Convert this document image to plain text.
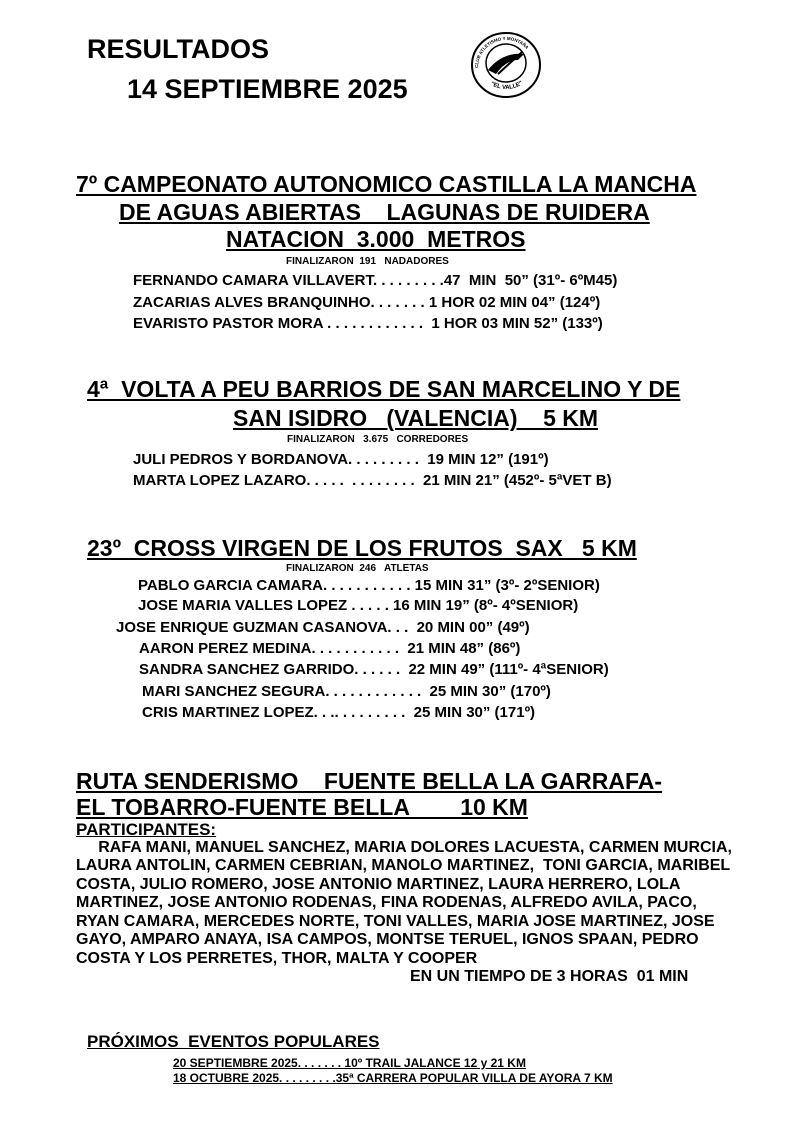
RESULTADOS
14 SEPTIEMBRE 2025
CLUB ATLETISMO Y MONTAÑA
"EL VALLE"
7º CAMPEONATO AUTONOMICO CASTILLA LA MANCHA
DE AGUAS ABIERTAS    LAGUNAS DE RUIDERA
NATACION  3.000  METROS
FINALIZARON  191   NADADORES
FERNANDO CAMARA VILLAVERT. . . . . . . . .47  MIN  50” (31º- 6ºM45)
ZACARIAS ALVES BRANQUINHO. . . . . . . 1 HOR 02 MIN 04” (124º)
EVARISTO PASTOR MORA . . . . . . . . . . . .  1 HOR 03 MIN 52” (133º)
4ª  VOLTA A PEU BARRIOS DE SAN MARCELINO Y DE
SAN ISIDRO   (VALENCIA)    5 KM
FINALIZARON   3.675   CORREDORES
JULI PEDROS Y BORDANOVA. . . . . . . . .  19 MIN 12” (191º)
MARTA LOPEZ LAZARO. . . . .  . . . . . . . .  21 MIN 21” (452º- 5ªVET B)
23º  CROSS VIRGEN DE LOS FRUTOS  SAX   5 KM
FINALIZARON  246   ATLETAS
PABLO GARCIA CAMARA. . . . . . . . . . . 15 MIN 31” (3º- 2ºSENIOR)
JOSE MARIA VALLES LOPEZ . . . . . 16 MIN 19” (8º- 4ºSENIOR)
JOSE ENRIQUE GUZMAN CASANOVA. . .  20 MIN 00” (49º)
AARON PEREZ MEDINA. . . . . . . . . . .  21 MIN 48” (86º)
SANDRA SANCHEZ GARRIDO. . . . . .  22 MIN 49” (111º- 4ªSENIOR)
MARI SANCHEZ SEGURA. . . . . . . . . . . .  25 MIN 30” (170º)
CRIS MARTINEZ LOPEZ. . .. . . . . . . . .  25 MIN 30” (171º)
RUTA SENDERISMO    FUENTE BELLA LA GARRAFA-
EL TOBARRO-FUENTE BELLA        10 KM
PARTICIPANTES:
RAFA MANI, MANUEL SANCHEZ, MARIA DOLORES LACUESTA, CARMEN MURCIA,
LAURA ANTOLIN, CARMEN CEBRIAN, MANOLO MARTINEZ,  TONI GARCIA, MARIBEL
COSTA, JULIO ROMERO, JOSE ANTONIO MARTINEZ, LAURA HERRERO, LOLA
MARTINEZ, JOSE ANTONIO RODENAS, FINA RODENAS, ALFREDO AVILA, PACO,
RYAN CAMARA, MERCEDES NORTE, TONI VALLES, MARIA JOSE MARTINEZ, JOSE
GAYO, AMPARO ANAYA, ISA CAMPOS, MONTSE TERUEL, IGNOS SPAAN, PEDRO
COSTA Y LOS PERRETES, THOR, MALTA Y COOPER
EN UN TIEMPO DE 3 HORAS  01 MIN
PRÓXIMOS  EVENTOS POPULARES
20 SEPTIEMBRE 2025. . . . . . . 10º TRAIL JALANCE 12 y 21 KM
18 OCTUBRE 2025. . . . . . . . .35ª CARRERA POPULAR VILLA DE AYORA 7 KM
